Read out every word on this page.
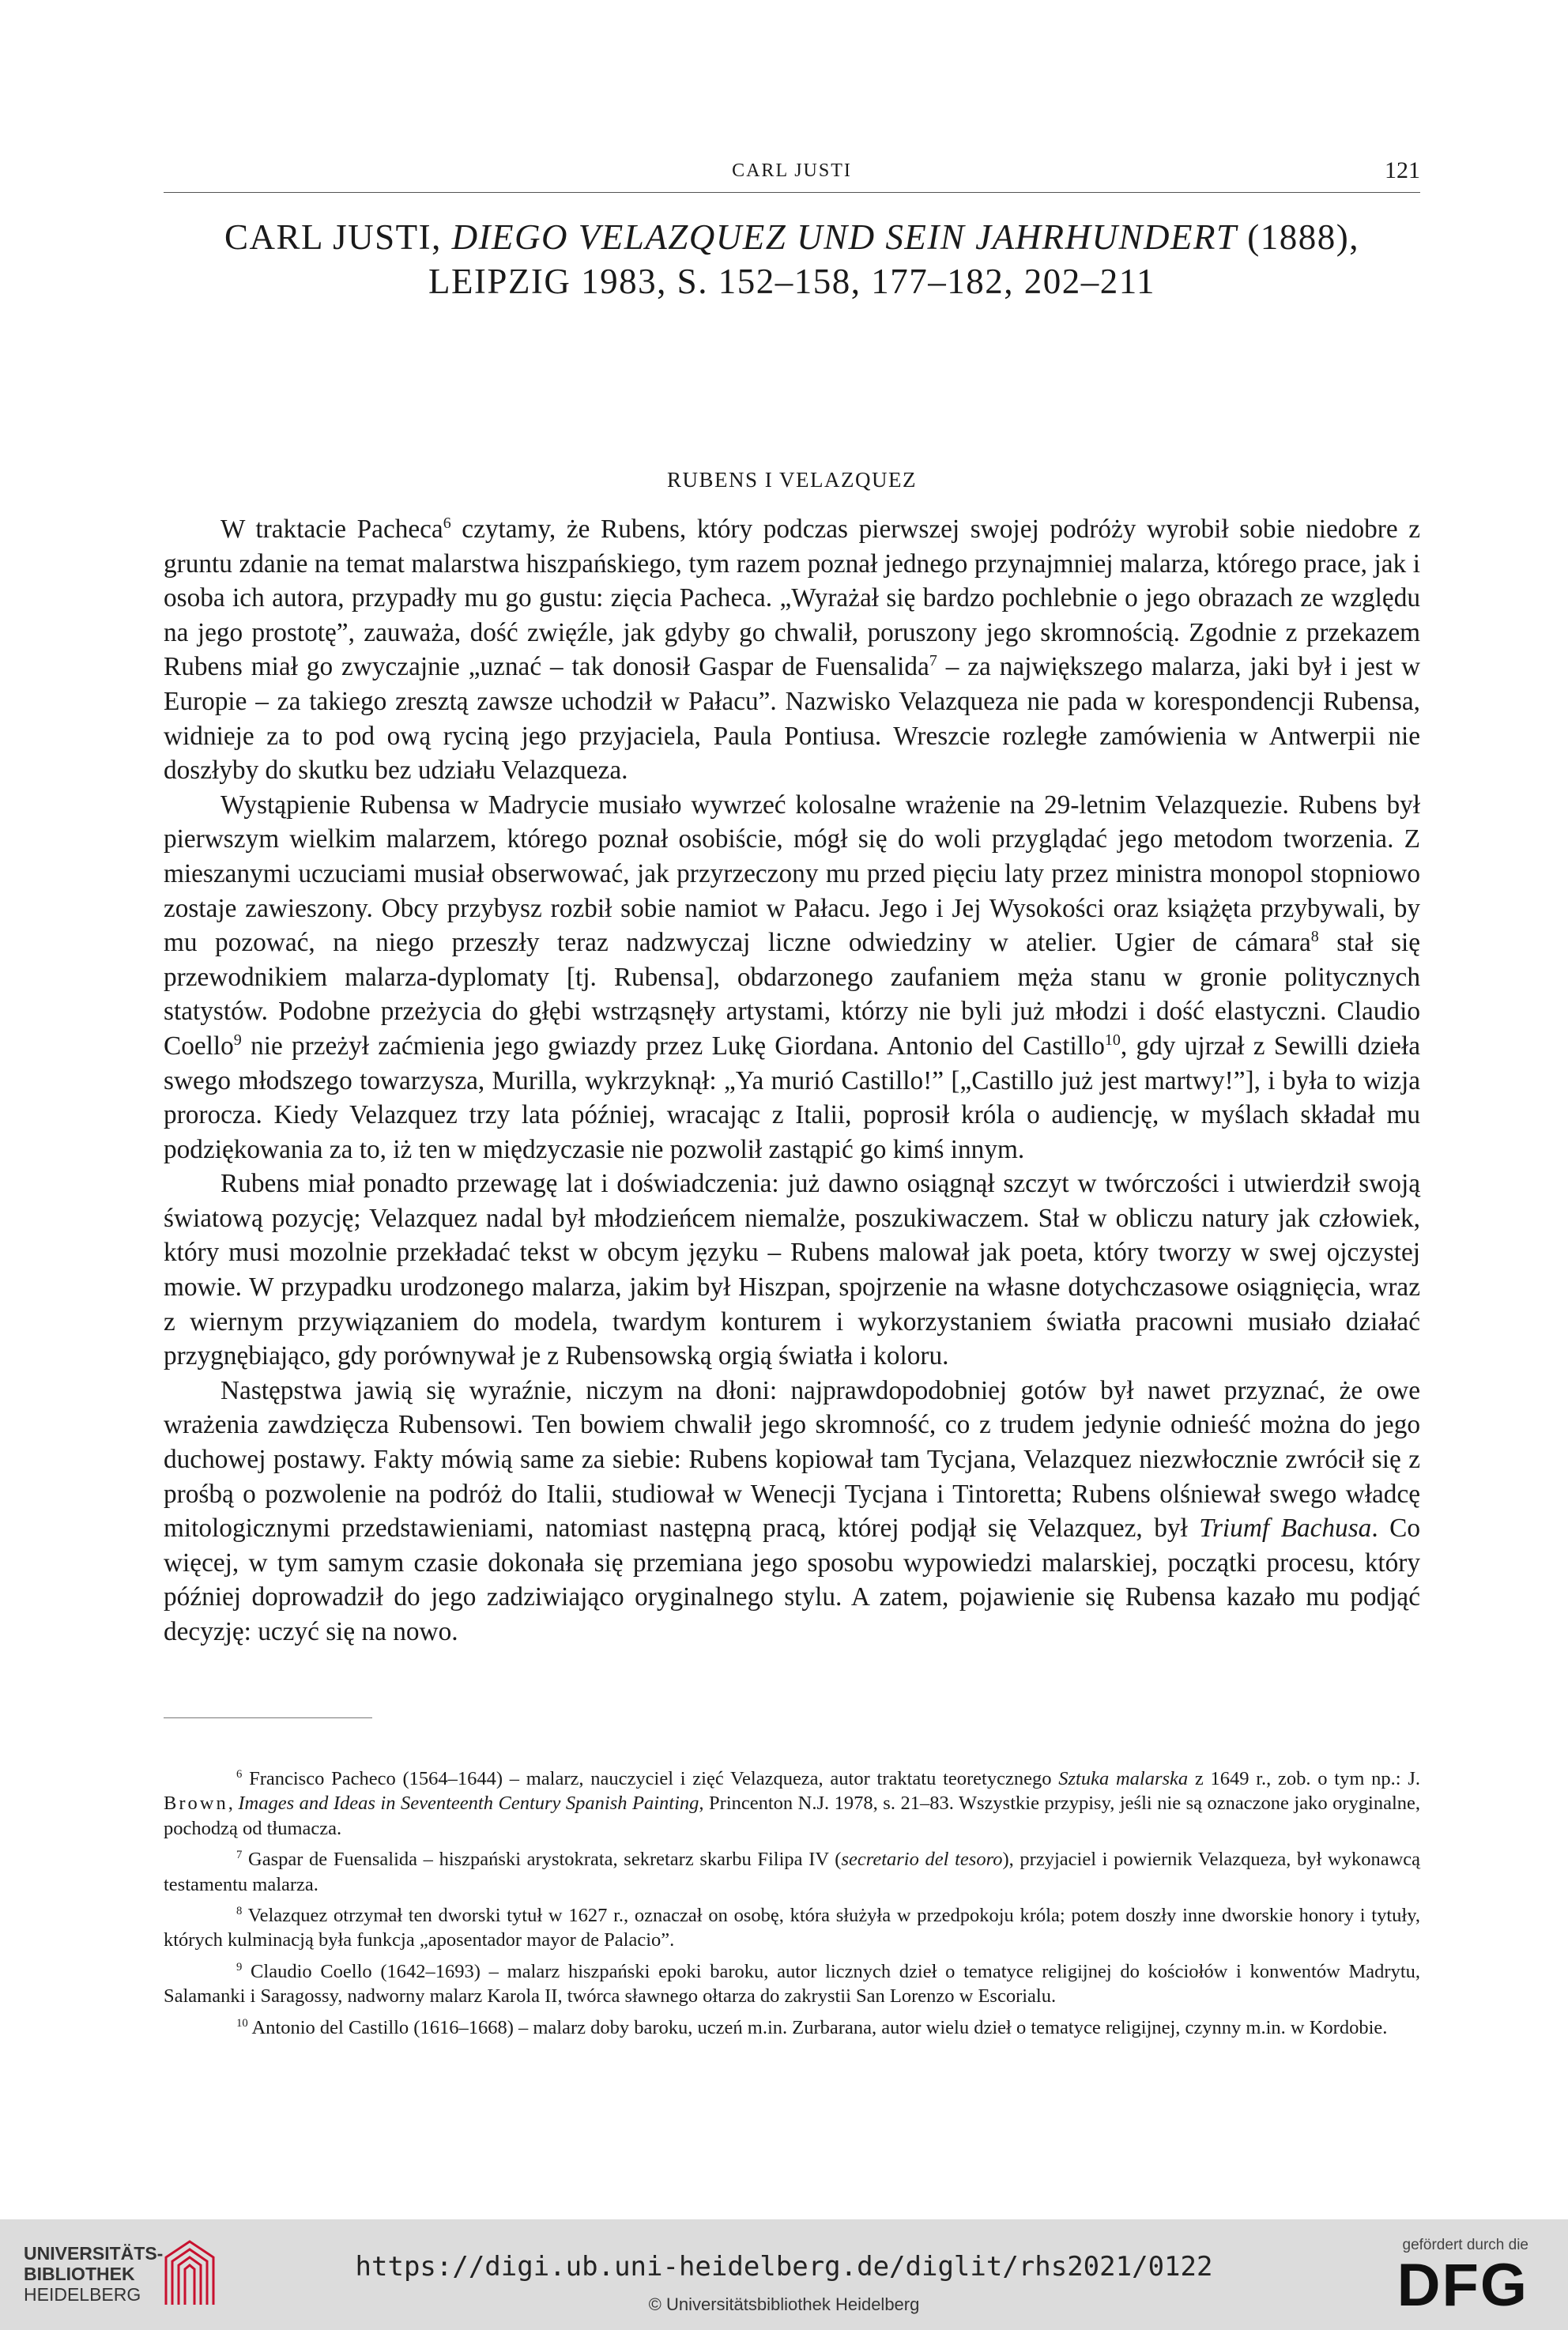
CARL JUSTI	121
CARL JUSTI, DIEGO VELAZQUEZ UND SEIN JAHRHUNDERT (1888),
LEIPZIG 1983, S. 152–158, 177–182, 202–211
RUBENS I VELAZQUEZ

W traktacie Pacheca$^6$ czytamy, że Rubens, który podczas pierwszej swojej podróży wyrobił sobie niedobre z gruntu zdanie na temat malarstwa hiszpańskiego, tym razem poznał jednego przynajmniej malarza, którego prace, jak i osoba ich autora, przypadły mu go gustu: zięcia Pacheca. „Wyrażał się bardzo pochlebnie o jego obrazach ze względu na jego prostotę”, zauważa, dość zwięźle, jak gdyby go chwalił, poruszony jego skromnością. Zgodnie z przekazem Rubens miał go zwyczajnie „uznać – tak donosił Gaspar de Fuensalida$^7$ – za największego malarza, jaki był i jest w Europie – za takiego zresztą zawsze uchodził w Pałacu”. Nazwisko Velazqueza nie pada w korespondencji Rubensa, widnieje za to pod ową ryciną jego przyjaciela, Paula Pontiusa. Wreszcie rozległe zamówienia w Antwerpii nie doszłyby do skutku bez udziału Velazqueza.

Wystąpienie Rubensa w Madrycie musiało wywrzeć kolosalne wrażenie na 29-letnim Velazquezie. Rubens był pierwszym wielkim malarzem, którego poznał osobiście, mógł się do woli przyglądać jego metodom tworzenia. Z mieszanymi uczuciami musiał obserwować, jak przyrzeczony mu przed pięciu laty przez ministra monopol stopniowo zostaje zawieszony. Obcy przybysz rozbił sobie namiot w Pałacu. Jego i Jej Wysokości oraz książęta przybywali, by mu pozować, na niego przeszły teraz nadzwyczaj liczne odwiedziny w atelier. Ugier de cámara$^8$ stał się przewodnikiem malarza-dyplomaty [tj. Rubensa], obdarzonego zaufaniem męża stanu w gronie politycznych statystów. Podobne przeżycia do głębi wstrząsnęły artystami, którzy nie byli już młodzi i dość elastyczni. Claudio Coello$^9$ nie przeżył zaćmienia jego gwiazdy przez Lukę Giordana. Antonio del Castillo$^{10}$, gdy ujrzał z Sewilli dzieła swego młodszego towarzysza, Murilla, wykrzyknął: „Ya murió Castillo!” [„Castillo już jest martwy!”], i była to wizja prorocza. Kiedy Velazquez trzy lata później, wracając z Italii, poprosił króla o audiencję, w myślach składał mu podziękowania za to, iż ten w międzyczasie nie pozwolił zastąpić go kimś innym.

Rubens miał ponadto przewagę lat i doświadczenia: już dawno osiągnął szczyt w twórczości i utwierdził swoją światową pozycję; Velazquez nadal był młodzieńcem niemalże, poszukiwaczem. Stał w obliczu natury jak człowiek, który musi mozolnie przekładać tekst w obcym języku – Rubens malował jak poeta, który tworzy w swej ojczystej mowie. W przypadku urodzonego malarza, jakim był Hiszpan, spojrzenie na własne dotychczasowe osiągnięcia, wraz z wiernym przywiązaniem do modela, twardym konturem i wykorzystaniem światła pracowni musiało działać przygnębiająco, gdy porównywał je z Rubensowską orgią światła i koloru.

Następstwa jawią się wyraźnie, niczym na dłoni: najprawdopodobniej gotów był nawet przyznać, że owe wrażenia zawdzięcza Rubensowi. Ten bowiem chwalił jego skromność, co z trudem jedynie odnieść można do jego duchowej postawy. Fakty mówią same za siebie: Rubens kopiował tam Tycjana, Velazquez niezwłocznie zwrócił się z prośbą o pozwolenie na podróż do Italii, studiował w Wenecji Tycjana i Tintoretta; Rubens olśniewał swego władcę mitologicznymi przedstawieniami, natomiast następną pracą, której podjął się Velazquez, był Triumf Bachusa. Co więcej, w tym samym czasie dokonała się przemiana jego sposobu wypowiedzi malarskiej, początki procesu, który później doprowadził do jego zadziwiająco oryginalnego stylu. A zatem, pojawienie się Rubensa kazało mu podjąć decyzję: uczyć się na nowo.

$^6$ Francisco Pacheco (1564–1644) – malarz, nauczyciel i zięć Velazqueza, autor traktatu teoretycznego Sztuka malarska z 1649 r., zob. o tym np.: J. Brown, Images and Ideas in Seventeenth Century Spanish Painting, Princenton N.J. 1978, s. 21–83. Wszystkie przypisy, jeśli nie są oznaczone jako oryginalne, pochodzą od tłumacza.

$^7$ Gaspar de Fuensalida – hiszpański arystokrata, sekretarz skarbu Filipa IV (secretario del tesoro), przyjaciel i powiernik Velazqueza, był wykonawcą testamentu malarza.

$^8$ Velazquez otrzymał ten dworski tytuł w 1627 r., oznaczał on osobę, która służyła w przedpokoju króla; potem doszły inne dworskie honory i tytuły, których kulminacją była funkcja „aposentador mayor de Palacio”.

$^9$ Claudio Coello (1642–1693) – malarz hiszpański epoki baroku, autor licznych dzieł o tematyce religijnej do kościołów i konwentów Madrytu, Salamanki i Saragossy, nadworny malarz Karola II, twórca sławnego ołtarza do zakrystii San Lorenzo w Escorialu.

$^{10}$ Antonio del Castillo (1616–1668) – malarz doby baroku, uczeń m.in. Zurbarana, autor wielu dzieł o tematyce religijnej, czynny m.in. w Kordobie.

UNIVERSITÄTS-
BIBLIOTHEK
HEIDELBERG
https://digi.ub.uni-heidelberg.de/diglit/rhs2021/0122
© Universitätsbibliothek Heidelberg
gefördert durch die
DFG
